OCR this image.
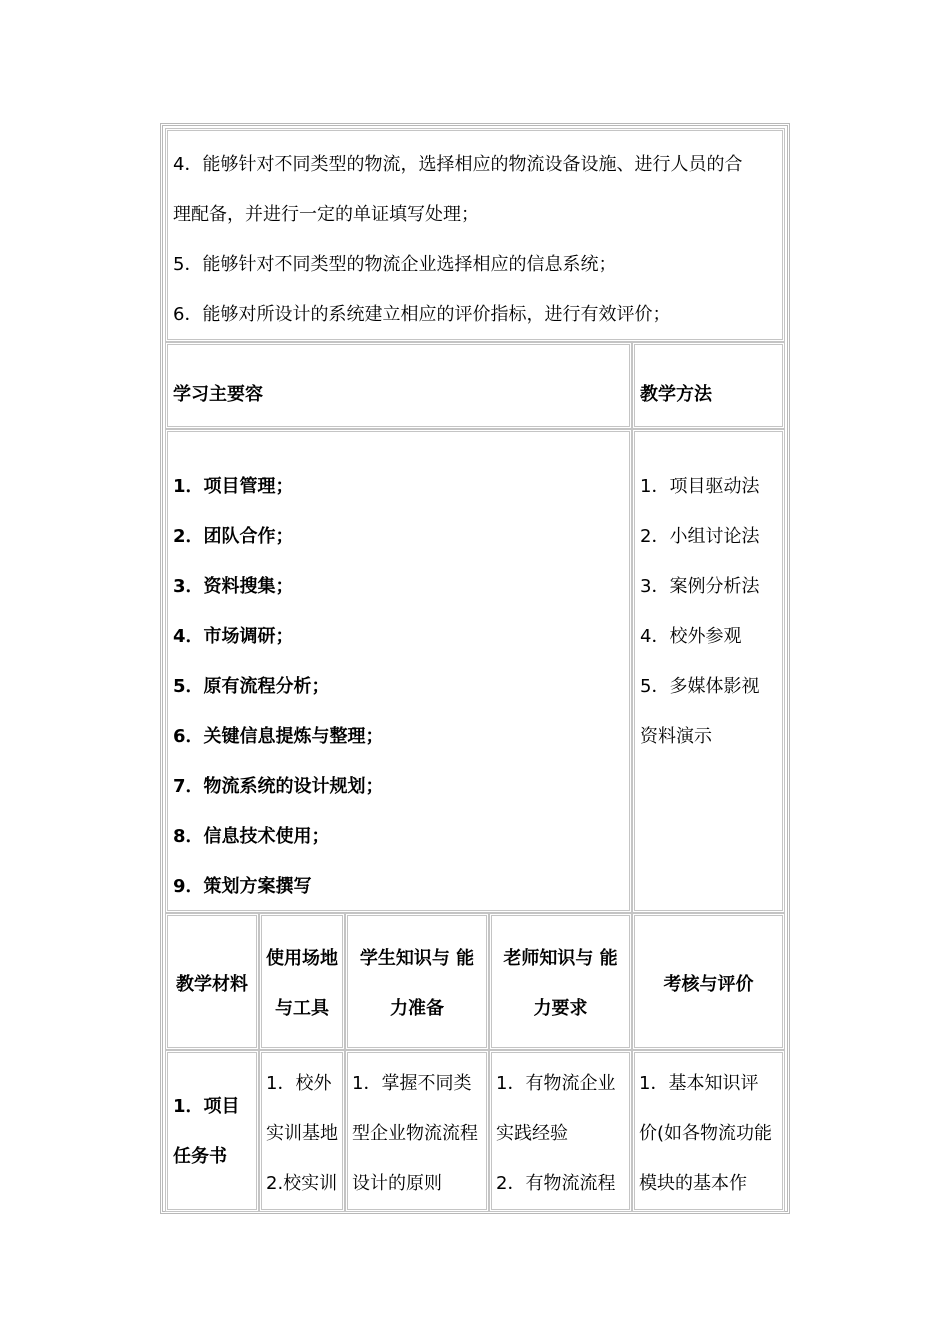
4．能够针对不同类型的物流，选择相应的物流设备设施、进行人员的合
理配备，并进行一定的单证填写处理；
5．能够针对不同类型的物流企业选择相应的信息系统；
6．能够对所设计的系统建立相应的评价指标，进行有效评价；
学习主要容	教学方法
1．项目管理；
2．团队合作；
3．资料搜集；
4．市场调研；
5．原有流程分析；
6．关键信息提炼与整理；
7．物流系统的设计规划；
8．信息技术使用；
9．策划方案撰写
1．项目驱动法
2．小组讨论法
3．案例分析法
4．校外参观
5．多媒体影视
资料演示
教学材料
使用场地
与工具
学生知识与 能
力准备
老师知识与 能
力要求
考核与评价
1．项目
任务书
1．校外
实训基地
2.校实训
1．掌握不同类
型企业物流流程
设计的原则
1．有物流企业
实践经验
2．有物流流程
1．基本知识评
价(如各物流功能
模块的基本作
